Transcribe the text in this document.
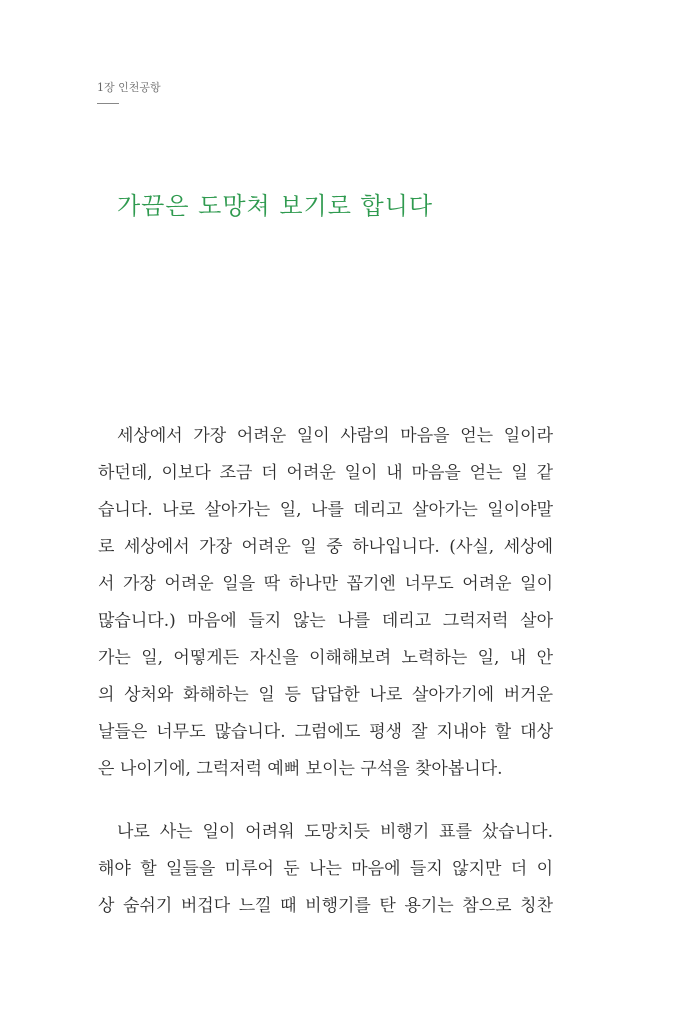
1장 인천공항
가끔은 도망쳐 보기로 합니다
세상에서 가장 어려운 일이 사람의 마음을 얻는 일이라
하던데, 이보다 조금 더 어려운 일이 내 마음을 얻는 일 같
습니다. 나로 살아가는 일, 나를 데리고 살아가는 일이야말
로 세상에서 가장 어려운 일 중 하나입니다. (사실, 세상에
서 가장 어려운 일을 딱 하나만 꼽기엔 너무도 어려운 일이
많습니다.) 마음에 들지 않는 나를 데리고 그럭저럭 살아
가는 일, 어떻게든 자신을 이해해보려 노력하는 일, 내 안
의 상처와 화해하는 일 등 답답한 나로 살아가기에 버거운
날들은 너무도 많습니다. 그럼에도 평생 잘 지내야 할 대상
은 나이기에, 그럭저럭 예뻐 보이는 구석을 찾아봅니다.
나로 사는 일이 어려워 도망치듯 비행기 표를 샀습니다.
해야 할 일들을 미루어 둔 나는 마음에 들지 않지만 더 이
상 숨쉬기 버겁다 느낄 때 비행기를 탄 용기는 참으로 칭찬
